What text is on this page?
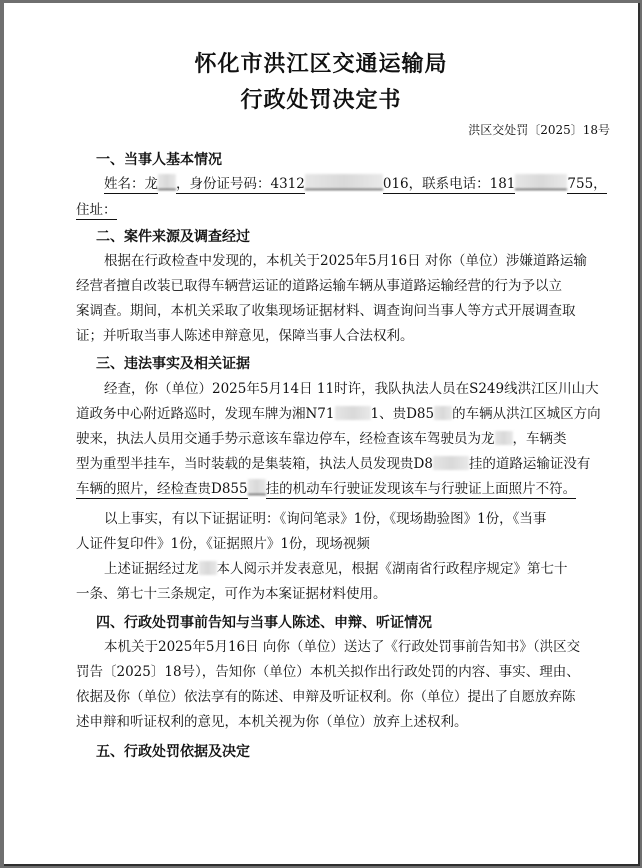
怀化市洪江区交通运输局
行政处罚决定书
洪区交处罚〔2025〕18号
一、当事人基本情况
姓名：龙 ，身份证号码：4312	016，联系电话：181	755，
住址：
二、案件来源及调查经过
根据在行政检查中发现的，本机关于2025年5月16日 对你（单位）涉嫌道路运输
经营者擅自改装已取得车辆营运证的道路运输车辆从事道路运输经营的行为予以立
案调查。期间，本机关采取了收集现场证据材料、调查询问当事人等方式开展调查取
证；并听取当事人陈述申辩意见，保障当事人合法权利。
三、违法事实及相关证据
经查，你（单位）2025年5月14日 11时许，我队执法人员在S249线洪江区川山大
道政务中心附近路巡时，发现车牌为湘N71	1、贵D85 的车辆从洪江区城区方向
驶来，执法人员用交通手势示意该车靠边停车，经检查该车驾驶员为龙 ，车辆类
型为重型半挂车，当时装载的是集装箱，执法人员发现贵D8	挂的道路运输证没有
车辆的照片，经检查贵D855 挂的机动车行驶证发现该车与行驶证上面照片不符。
以上事实，有以下证据证明：《询问笔录》1份，《现场勘验图》1份，《当事
人证件复印件》1份，《证据照片》1份，现场视频
上述证据经过龙 本人阅示并发表意见，根据《湖南省行政程序规定》第七十
一条、第七十三条规定，可作为本案证据材料使用。
四、行政处罚事前告知与当事人陈述、申辩、听证情况
本机关于2025年5月16日 向你（单位）送达了《行政处罚事前告知书》（洪区交
罚告〔2025〕18号），告知你（单位）本机关拟作出行政处罚的内容、事实、理由、
依据及你（单位）依法享有的陈述、申辩及听证权利。你（单位）提出了自愿放弃陈
述申辩和听证权利的意见，本机关视为你（单位）放弃上述权利。
五、行政处罚依据及决定
